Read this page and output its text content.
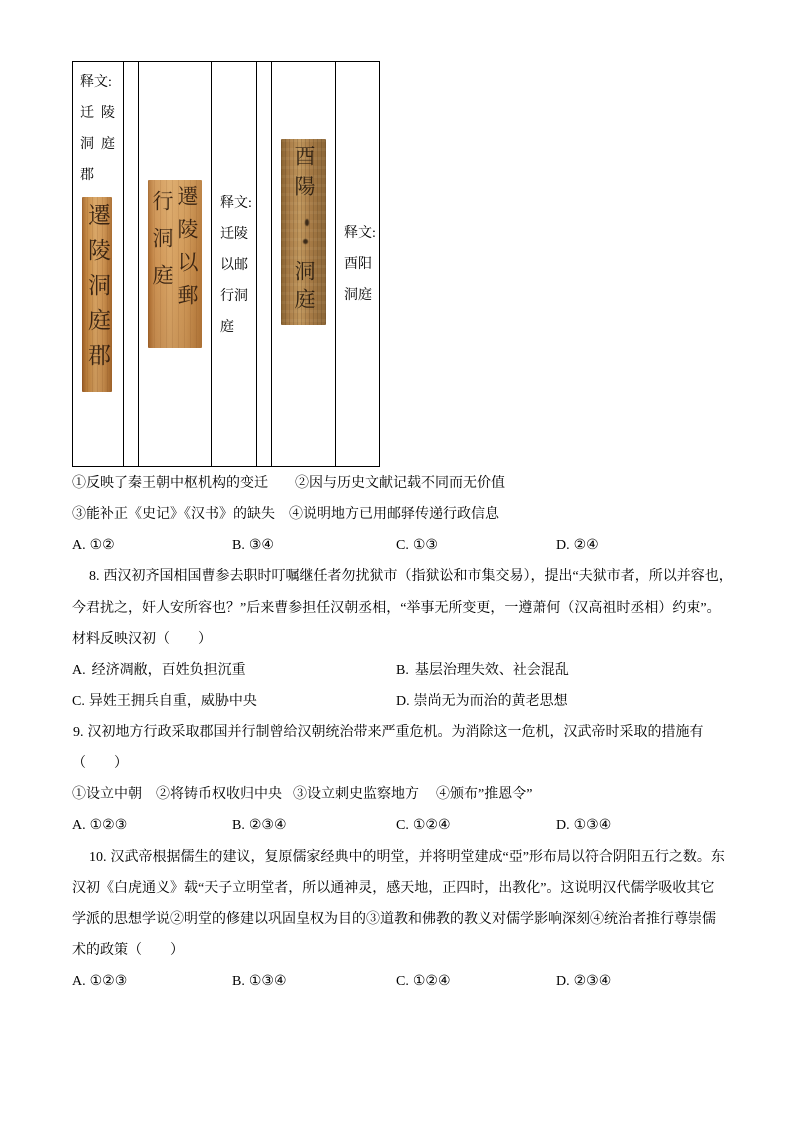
释文:
迁陵
洞庭
郡
遷陵洞庭郡	遷陵以郵
行洞庭	释文:
迁陵
以邮
行洞
庭
酉陽
洞庭
释文:
酉阳
洞庭
①反映了秦王朝中枢机构的变迁 ②因与历史文献记载不同而无价值
③能补正《史记》《汉书》的缺失 ④说明地方已用邮驿传递行政信息
A. ①②	B. ③④	C. ①③	D. ②④
8. 西汉初齐国相国曹参去职时叮嘱继任者勿扰狱市（指狱讼和市集交易），提出“夫狱市者，所以并容也，
今君扰之，奸人安所容也？”后来曹参担任汉朝丞相，“举事无所变更，一遵萧何（汉高祖时丞相）约束”。
材料反映汉初（　　）
A. 经济凋敝，百姓负担沉重	B. 基层治理失效、社会混乱
C. 异姓王拥兵自重，威胁中央	D. 崇尚无为而治的黄老思想
9. 汉初地方行政采取郡国并行制曾给汉朝统治带来严重危机。为消除这一危机，汉武帝时采取的措施有
（　　）
①设立中朝 ②将铸币权收归中央 ③设立刺史监察地方 ④颁布”推恩令”
A. ①②③	B. ②③④	C. ①②④	D. ①③④
10. 汉武帝根据儒生的建议，复原儒家经典中的明堂，并将明堂建成“亞”形布局以符合阴阳五行之数。东
汉初《白虎通义》载“天子立明堂者，所以通神灵，感天地，正四时，出教化”。这说明汉代儒学吸收其它
学派的思想学说②明堂的修建以巩固皇权为目的③道教和佛教的教义对儒学影响深刻④统治者推行尊崇儒
术的政策（　　）
A. ①②③	B. ①③④	C. ①②④	D. ②③④
